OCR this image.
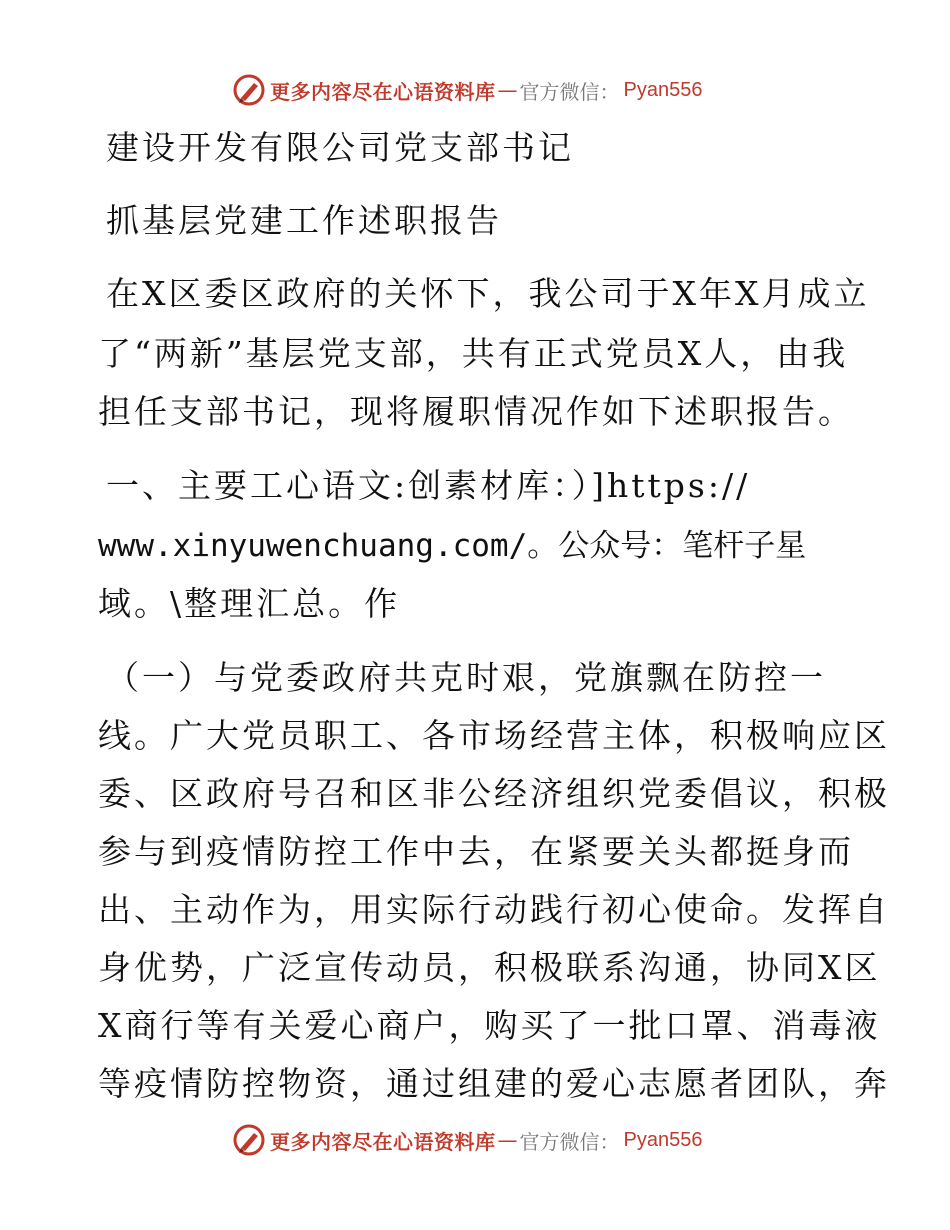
更多内容尽在心语资料库 — 官方微信： Pyan556
建设开发有限公司党支部书记
抓基层党建工作述职报告
在X区委区政府的关怀下，我公司于X年X月成立
了“两新”基层党支部，共有正式党员X人，由我
担任支部书记，现将履职情况作如下述职报告。
一、主要工心语文:创素材库：）]https://
www.xinyuwenchuang.com/。公众号：笔杆子星
域。\整理汇总。作
（一）与党委政府共克时艰，党旗飘在防控一
线。广大党员职工、各市场经营主体，积极响应区
委、区政府号召和区非公经济组织党委倡议，积极
参与到疫情防控工作中去，在紧要关头都挺身而
出、主动作为，用实际行动践行初心使命。发挥自
身优势，广泛宣传动员，积极联系沟通，协同X区
X商行等有关爱心商户，购买了一批口罩、消毒液
等疫情防控物资，通过组建的爱心志愿者团队，奔
更多内容尽在心语资料库 — 官方微信： Pyan556
